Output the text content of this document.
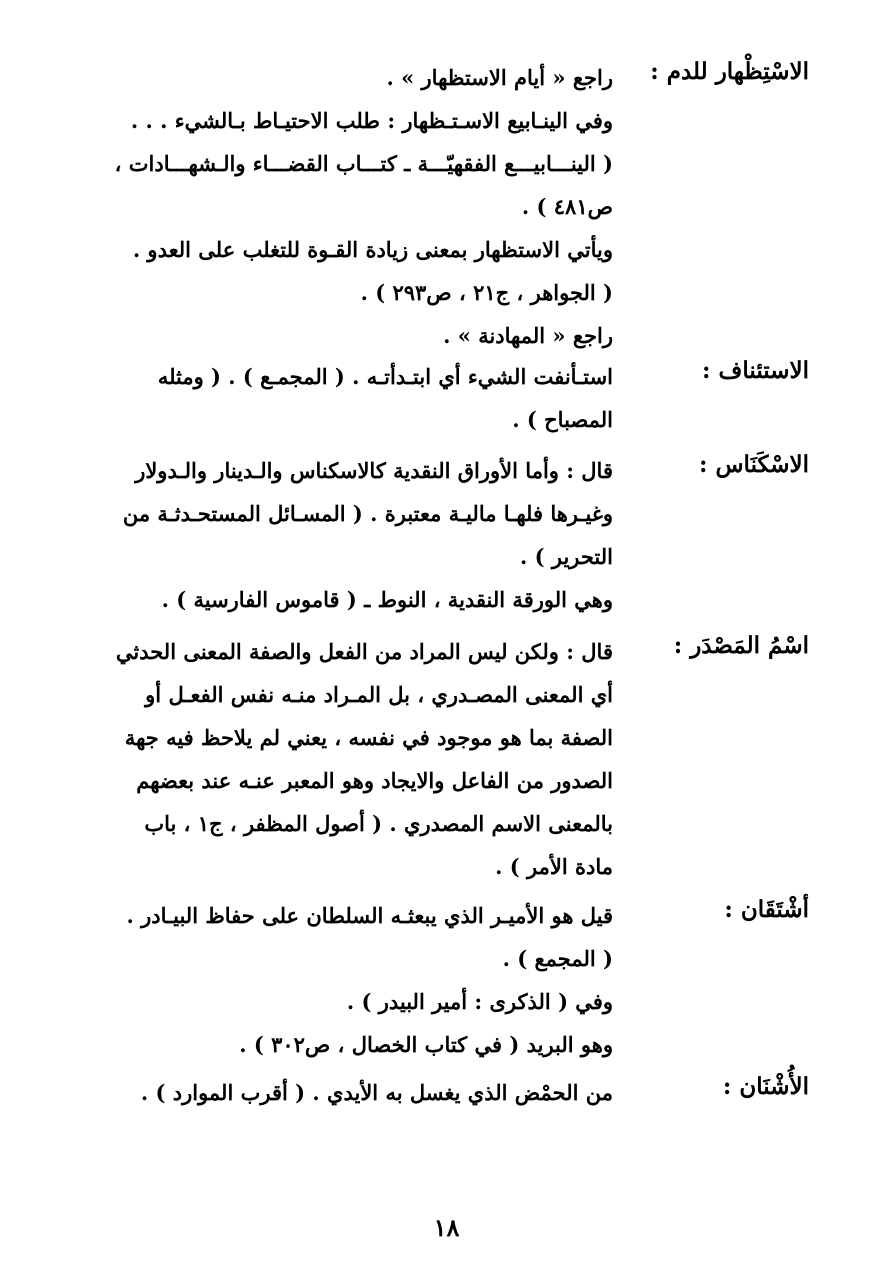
الاسْتِظْهار للدم :
راجع « أيام الاستظهار » .
وفي الينـابيع الاسـتـظهار : طلب الاحتيـاط بـالشيء . . .
( الينـــابيـــع الفقهيّـــة ـ كتـــاب القضـــاء والـشهـــادات ،
ص٤٨١ ) .
ويأتي الاستظهار بمعنى زيادة القـوة للتغلب على العدو .
( الجواهر ، ج٢١ ، ص٢٩٣ ) .
راجع « المهادنة » .
الاستئناف :
استـأنفت الشيء أي ابتـدأتـه . ( المجمـع ) . ( ومثله
المصباح ) .
الاسْكَنَاس :
قال : وأما الأوراق النقدية كالاسكناس والـدينار والـدولار
وغيـرها فلهـا ماليـة معتبرة . ( المسـائل المستحـدثـة من
التحرير ) .
وهي الورقة النقدية ، النوط ـ ( قاموس الفارسية ) .
اسْمُ المَصْدَر :
قال : ولكن ليس المراد من الفعل والصفة المعنى الحدثي
أي المعنى المصـدري ، بل المـراد منـه نفس الفعـل أو
الصفة بما هو موجود في نفسه ، يعني لم يلاحظ فيه جهة
الصدور من الفاعل والايجاد وهو المعبر عنـه عند بعضهم
بالمعنى الاسم المصدري . ( أصول المظفر ، ج١ ، باب
مادة الأمر ) .
أشْتَقَان :
قيل هو الأميـر الذي يبعثـه السلطان على حفاظ البيـادر .
( المجمع ) .
وفي ( الذكرى : أمير البيدر ) .
وهو البريد ( في كتاب الخصال ، ص٣٠٢ ) .
الأُشْنَان :
من الحمْض الذي يغسل به الأيدي . ( أقرب الموارد ) .
١٨
